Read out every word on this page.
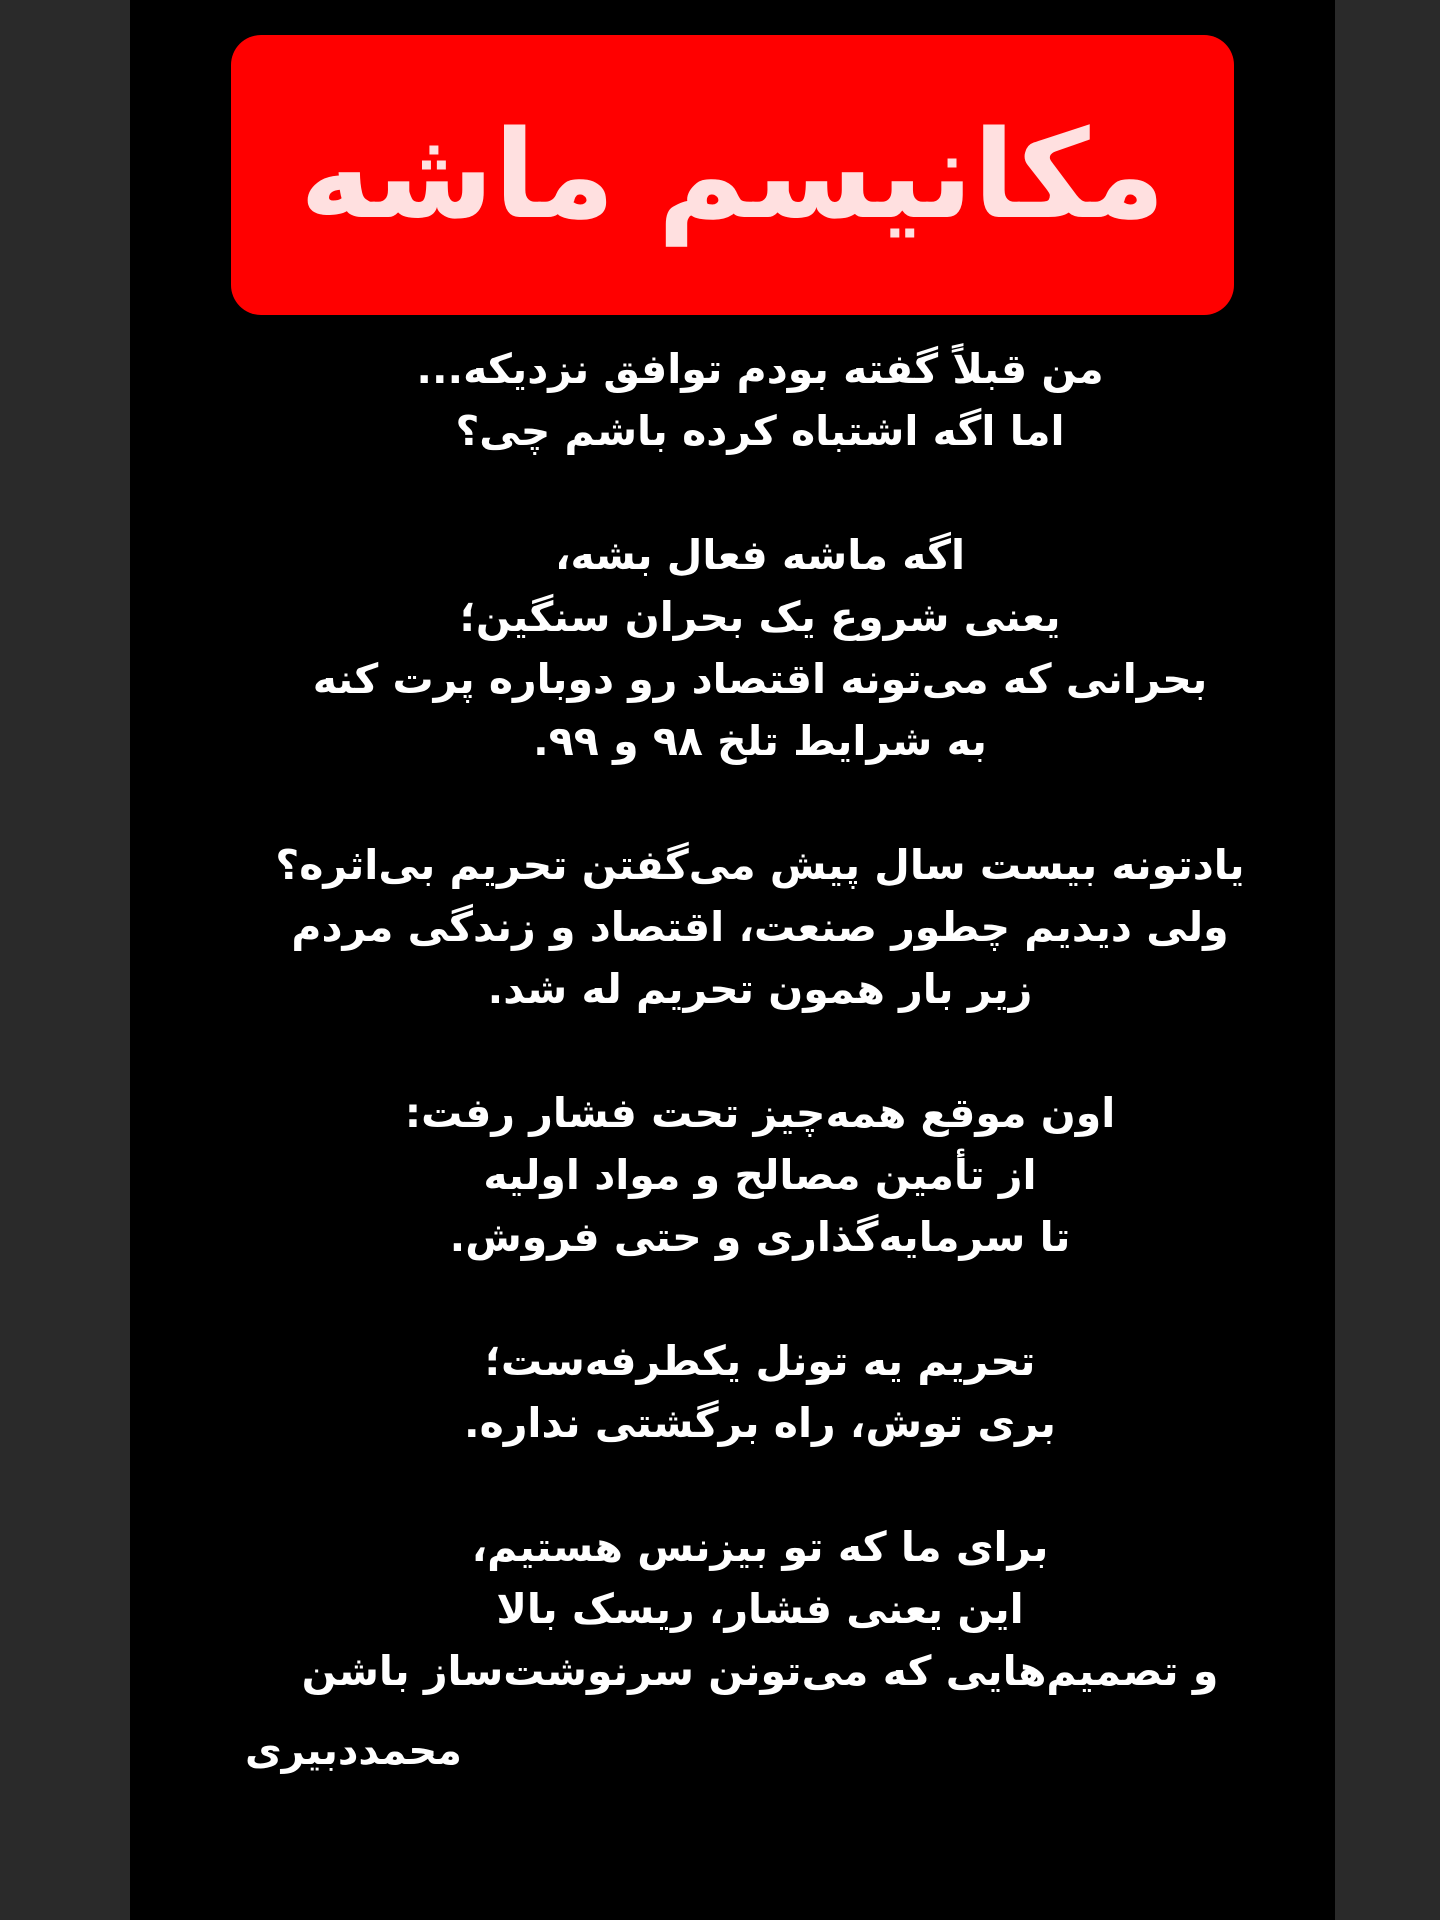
مکانیسم ماشه
من قبلاً گفته بودم توافق نزدیکه...
اما اگه اشتباه کرده باشم چی؟
اگه ماشه فعال بشه،
یعنی شروع یک بحران سنگین؛
بحرانی که می‌تونه اقتصاد رو دوباره پرت کنه
به شرایط تلخ ۹۸ و ۹۹.
یادتونه بیست سال پیش می‌گفتن تحریم بی‌اثره؟
ولی دیدیم چطور صنعت، اقتصاد و زندگی مردم
زیر بار همون تحریم له شد.
اون موقع همه‌چیز تحت فشار رفت:
از تأمین مصالح و مواد اولیه
تا سرمایه‌گذاری و حتی فروش.
تحریم یه تونل یکطرفه‌ست؛
بری توش، راه برگشتی نداره.
برای ما که تو بیزنس هستیم،
این یعنی فشار، ریسک بالا
و تصمیم‌هایی که می‌تونن سرنوشت‌ساز باشن
محمددبیری
